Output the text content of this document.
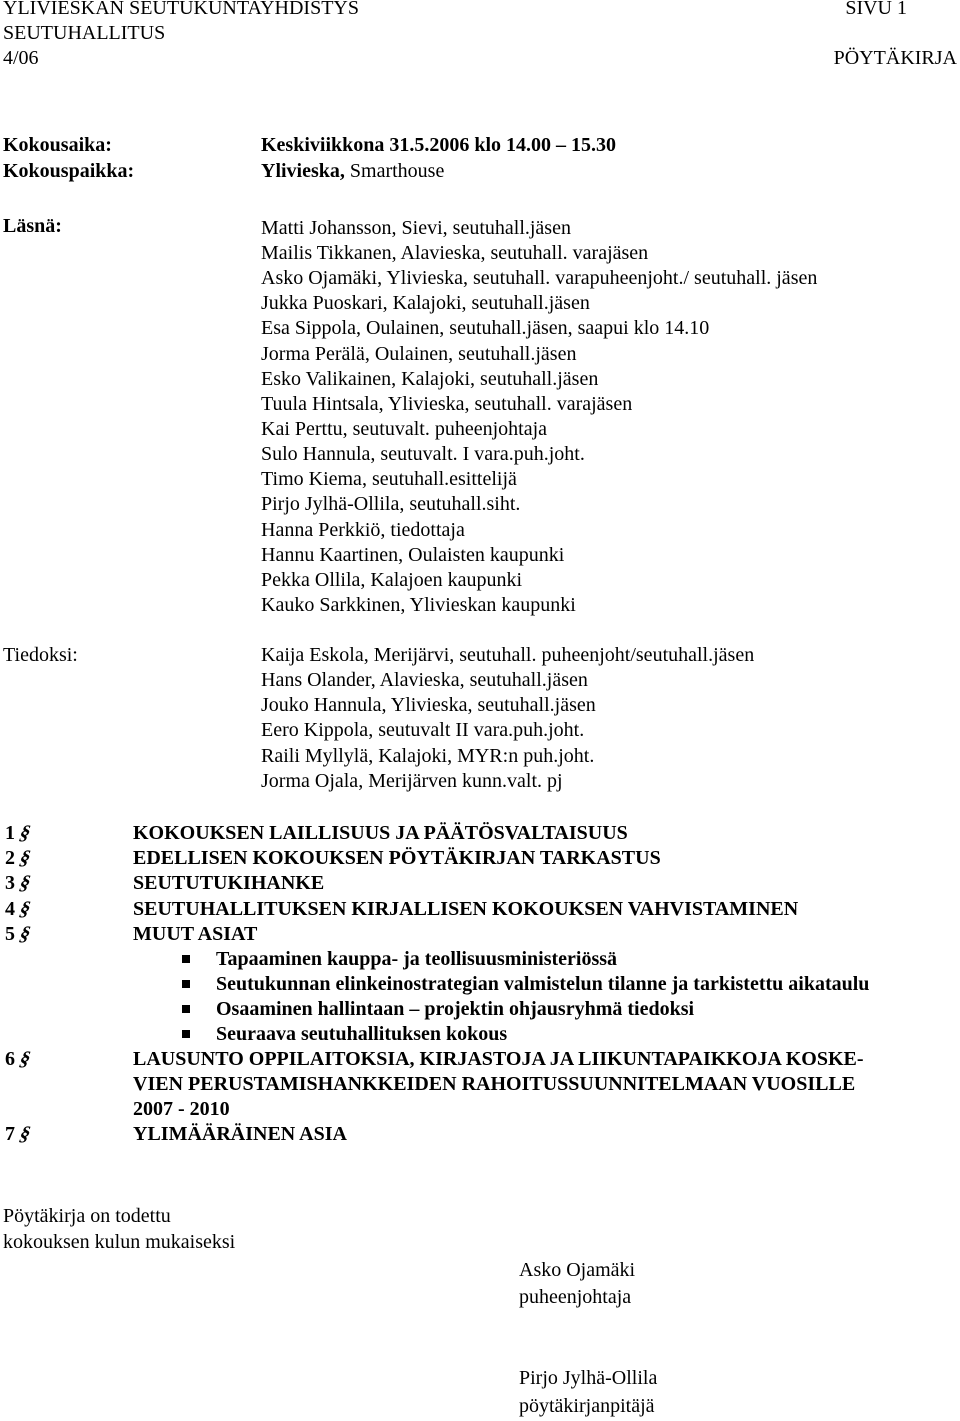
YLIVIESKAN SEUTUKUNTAYHDISTYS
SEUTUHALLITUS
4/06
SIVU 1
PÖYTÄKIRJA
Kokousaika:	Keskiviikkona 31.5.2006 klo 14.00 – 15.30
Kokouspaikka:	Ylivieska, Smarthouse
Läsnä:	Matti Johansson, Sievi, seutuhall.jäsen
Mailis Tikkanen, Alavieska, seutuhall. varajäsen
Asko Ojamäki, Ylivieska, seutuhall. varapuheenjoht./ seutuhall. jäsen
Jukka Puoskari, Kalajoki, seutuhall.jäsen
Esa Sippola, Oulainen, seutuhall.jäsen, saapui klo 14.10
Jorma Perälä, Oulainen, seutuhall.jäsen
Esko Valikainen, Kalajoki, seutuhall.jäsen
Tuula Hintsala, Ylivieska, seutuhall. varajäsen
Kai Perttu, seutuvalt. puheenjohtaja
Sulo Hannula, seutuvalt. I vara.puh.joht.
Timo Kiema, seutuhall.esittelijä
Pirjo Jylhä-Ollila, seutuhall.siht.
Hanna Perkkiö, tiedottaja
Hannu Kaartinen, Oulaisten kaupunki
Pekka Ollila, Kalajoen kaupunki
Kauko Sarkkinen, Ylivieskan kaupunki
Tiedoksi:	Kaija Eskola, Merijärvi, seutuhall. puheenjoht/seutuhall.jäsen
Hans Olander, Alavieska, seutuhall.jäsen
Jouko Hannula, Ylivieska, seutuhall.jäsen
Eero Kippola, seutuvalt II vara.puh.joht.
Raili Myllylä, Kalajoki, MYR:n puh.joht.
Jorma Ojala, Merijärven kunn.valt. pj
1 §	KOKOUKSEN LAILLISUUS JA PÄÄTÖSVALTAISUUS
2 §	EDELLISEN KOKOUKSEN PÖYTÄKIRJAN TARKASTUS
3 §	SEUTUTUKIHANKE
4 §	SEUTUHALLITUKSEN KIRJALLISEN KOKOUKSEN VAHVISTAMINEN
5 §	MUUT ASIAT
Tapaaminen kauppa- ja teollisuusministeriössä
Seutukunnan elinkeinostrategian valmistelun tilanne ja tarkistettu aikataulu
Osaaminen hallintaan – projektin ohjausryhmä tiedoksi
Seuraava seutuhallituksen kokous
6 §	LAUSUNTO OPPILAITOKSIA, KIRJASTOJA JA LIIKUNTAPAIKKOJA KOSKE-
VIEN PERUSTAMISHANKKEIDEN RAHOITUSSUUNNITELMAAN VUOSILLE
2007 - 2010
7 §	YLIMÄÄRÄINEN ASIA
Pöytäkirja on todettu
kokouksen kulun mukaiseksi
Asko Ojamäki
puheenjohtaja
Pirjo Jylhä-Ollila
pöytäkirjanpitäjä
